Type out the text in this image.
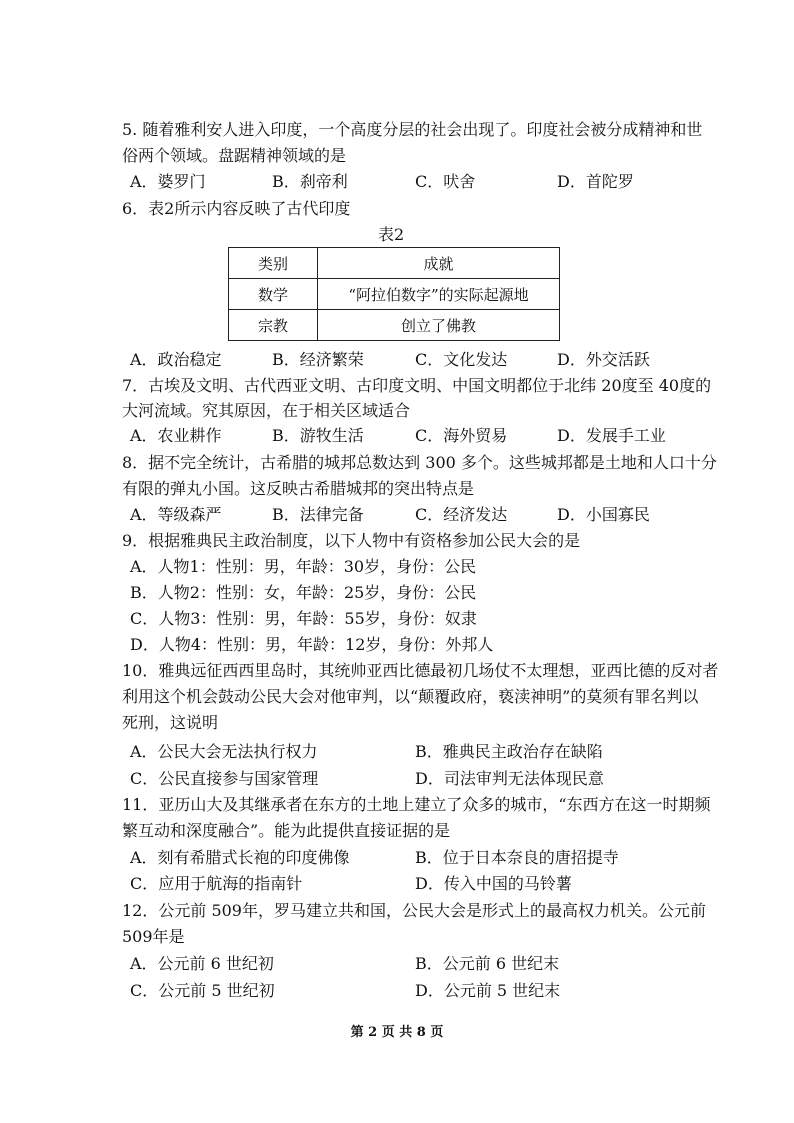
5. 随着雅利安人进入印度，一个高度分层的社会出现了。印度社会被分成精神和世
俗两个领域。盘踞精神领域的是
A．婆罗门	B．刹帝利	C．吠舍	D．首陀罗
6．表2所示内容反映了古代印度
表2
类别	成就
数学	“阿拉伯数字”的实际起源地
宗教	创立了佛教
A．政治稳定	B．经济繁荣	C．文化发达	D．外交活跃
7．古埃及文明、古代西亚文明、古印度文明、中国文明都位于北纬 20度至 40度的
大河流域。究其原因，在于相关区域适合
A．农业耕作	B．游牧生活	C．海外贸易	D．发展手工业
8．据不完全统计，古希腊的城邦总数达到 300 多个。这些城邦都是土地和人口十分
有限的弹丸小国。这反映古希腊城邦的突出特点是
A．等级森严	B．法律完备	C．经济发达	D．小国寡民
9．根据雅典民主政治制度，以下人物中有资格参加公民大会的是
A．人物1：性别：男，年龄：30岁，身份：公民
B．人物2：性别：女，年龄：25岁，身份：公民
C．人物3：性别：男，年龄：55岁，身份：奴隶
D．人物4：性别：男，年龄：12岁，身份：外邦人
10．雅典远征西西里岛时，其统帅亚西比德最初几场仗不太理想，亚西比德的反对者
利用这个机会鼓动公民大会对他审判，以“颠覆政府，亵渎神明”的莫须有罪名判以
死刑，这说明
A．公民大会无法执行权力	B．雅典民主政治存在缺陷
C．公民直接参与国家管理	D．司法审判无法体现民意
11．亚历山大及其继承者在东方的土地上建立了众多的城市，“东西方在这一时期频
繁互动和深度融合”。能为此提供直接证据的是
A．刻有希腊式长袍的印度佛像	B．位于日本奈良的唐招提寺
C．应用于航海的指南针	D．传入中国的马铃薯
12．公元前 509年，罗马建立共和国，公民大会是形式上的最高权力机关。公元前
509年是
A．公元前 6 世纪初	B．公元前 6 世纪末
C．公元前 5 世纪初	D．公元前 5 世纪末
第 2 页 共 8 页
